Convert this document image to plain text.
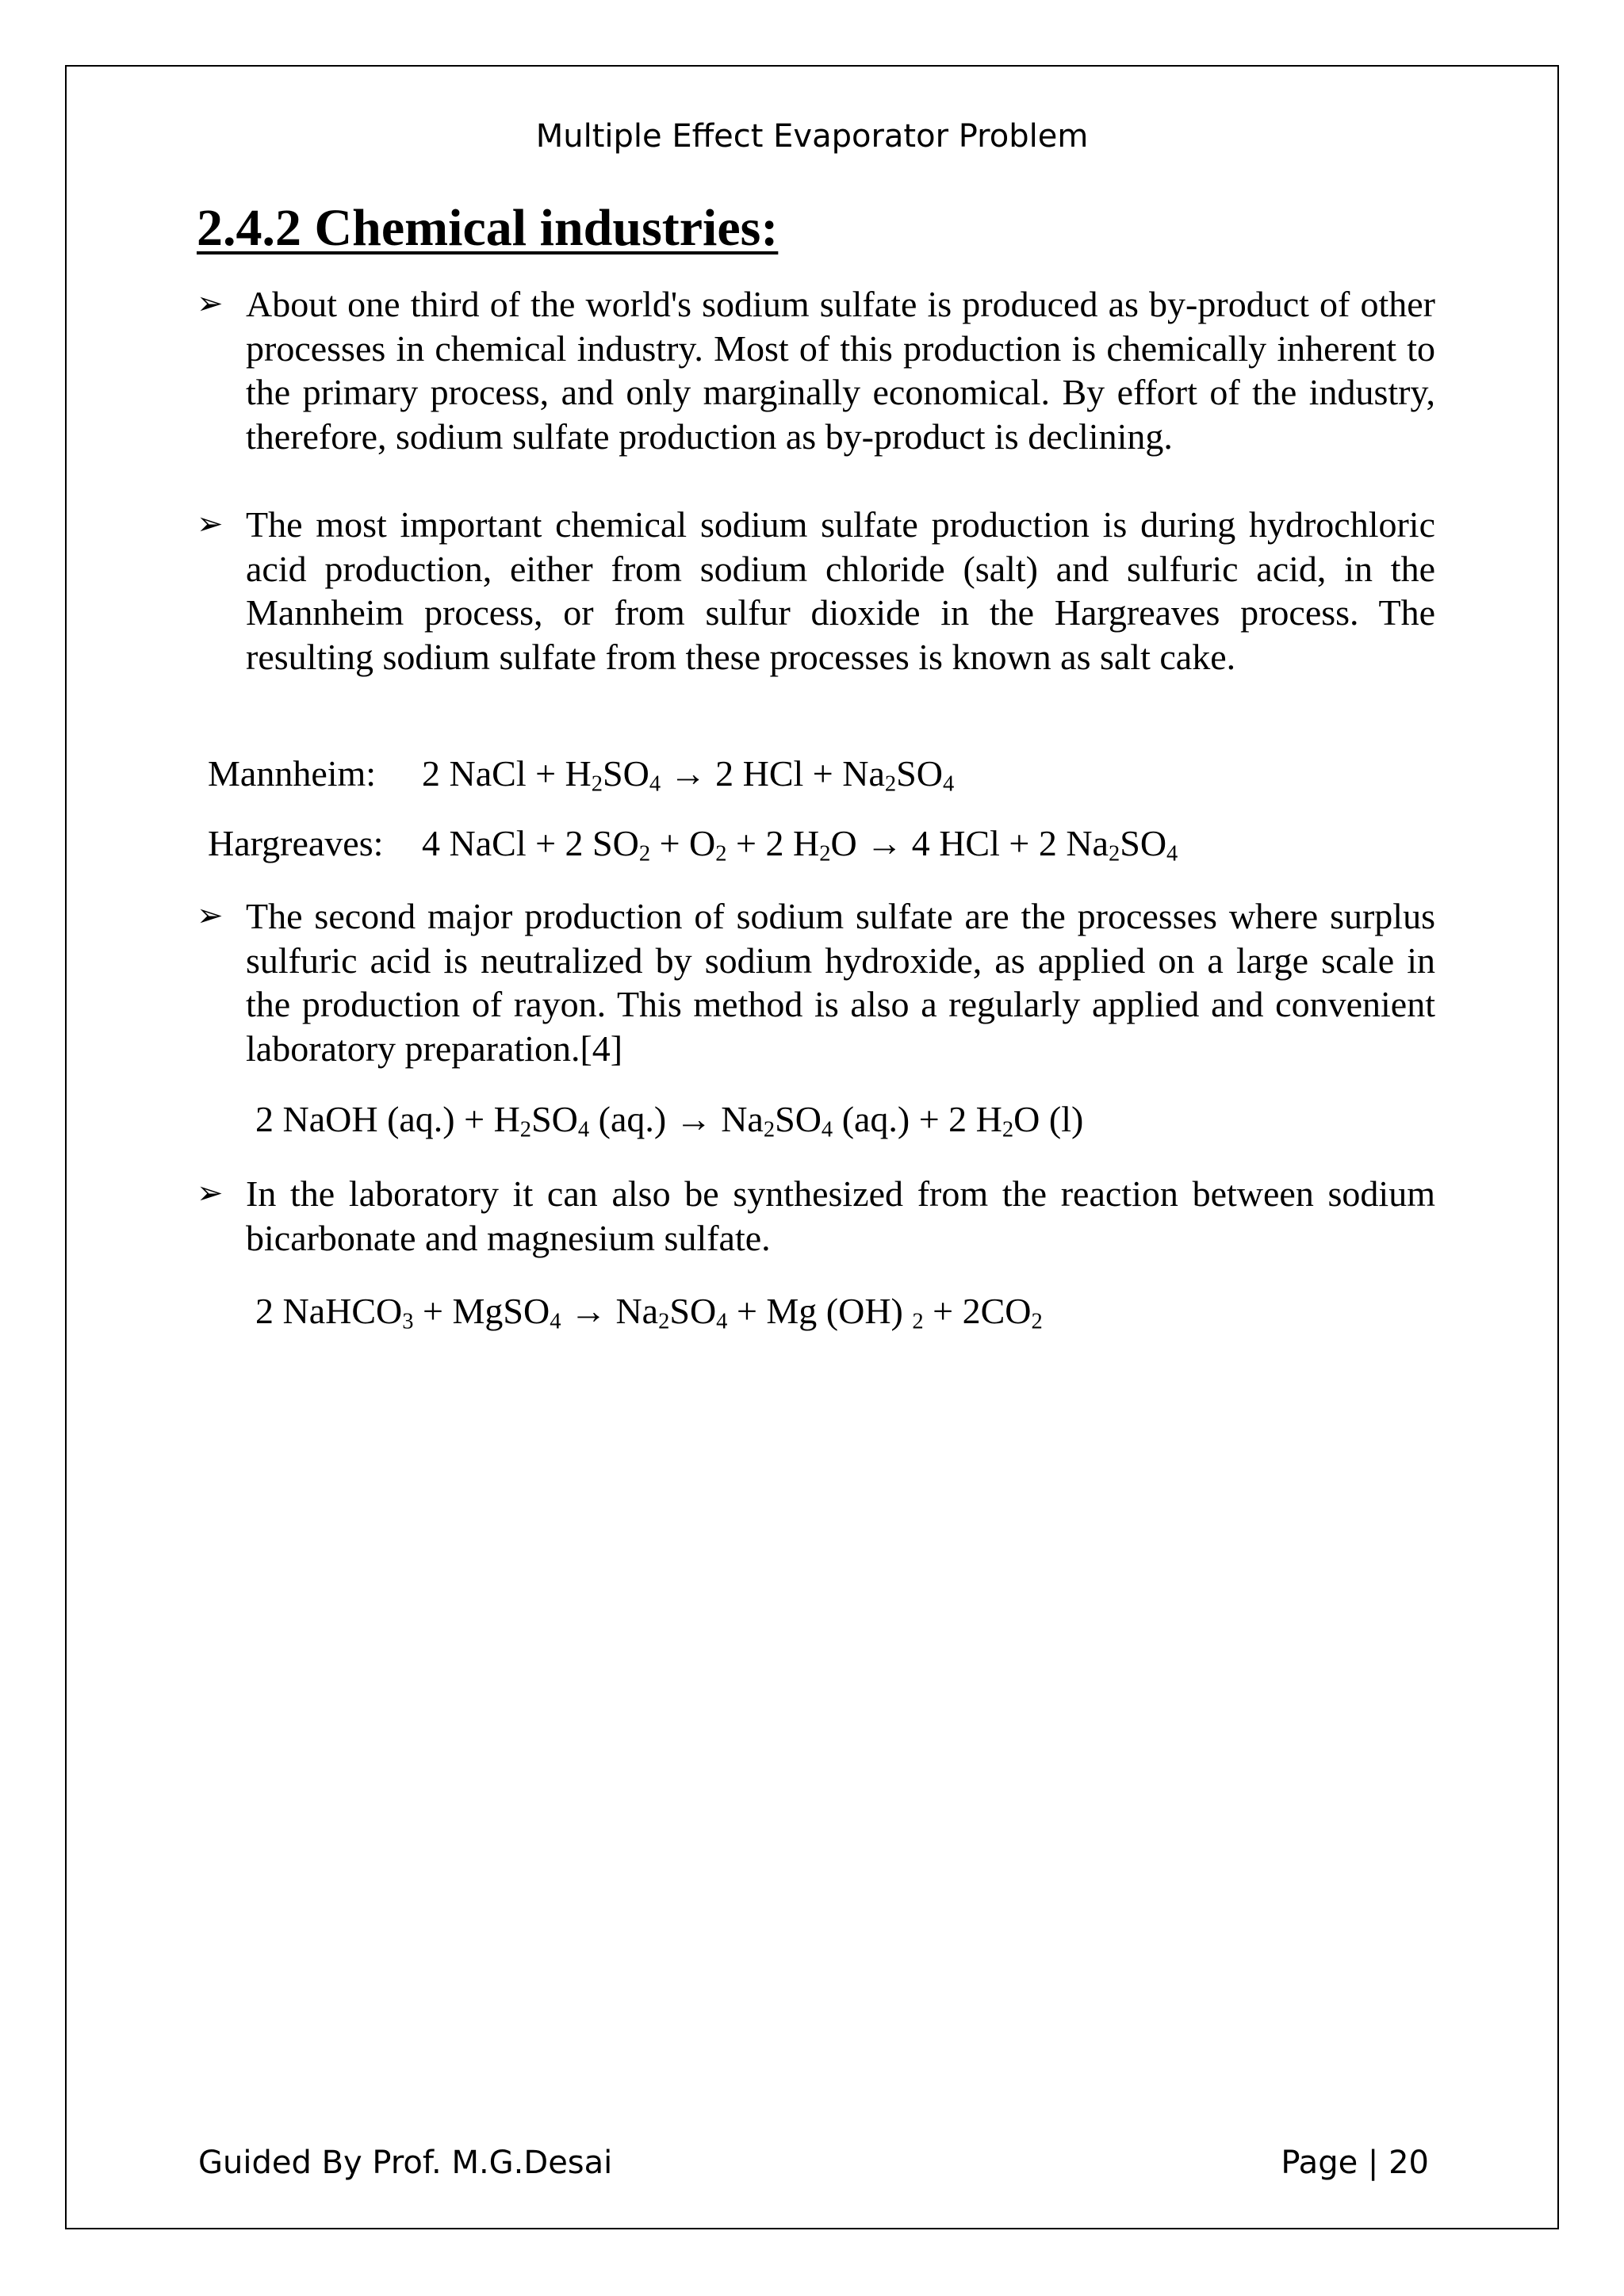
Multiple Effect Evaporator Problem
2.4.2 Chemical industries:
➢ About one third of the world's sodium sulfate is produced as by-product of other processes in chemical industry. Most of this production is chemically inherent to the primary process, and only marginally economical. By effort of the industry, therefore, sodium sulfate production as by-product is declining.

➢ The most important chemical sodium sulfate production is during hydrochloric acid production, either from sodium chloride (salt) and sulfuric acid, in the Mannheim process, or from sulfur dioxide in the Hargreaves process. The resulting sodium sulfate from these processes is known as salt cake.

Mannheim: 2 NaCl + $H_2SO_4 \to 2$ HCl + $Na_2SO_4$
Hargreaves: 4 NaCl + 2 $SO_2 + O_2 + 2$ $H_2O \to 4$ HCl + 2 $Na_2SO_4$
➢ The second major production of sodium sulfate are the processes where surplus sulfuric acid is neutralized by sodium hydroxide, as applied on a large scale in the production of rayon. This method is also a regularly applied and convenient laboratory preparation.[4]

2 NaOH $(aq.) + H_2SO_4$ $(aq.) \to Na_2SO_4$ (aq.) + 2 $H_2O$ (l)
➢ In the laboratory it can also be synthesized from the reaction between sodium bicarbonate and magnesium sulfate.

2 NaHCO$_3$ + MgSO$_4$ → $Na_2SO_4 + Mg$ (OH) $_2 + 2CO_2$
Guided By Prof. M.G.Desai	Page | 20
